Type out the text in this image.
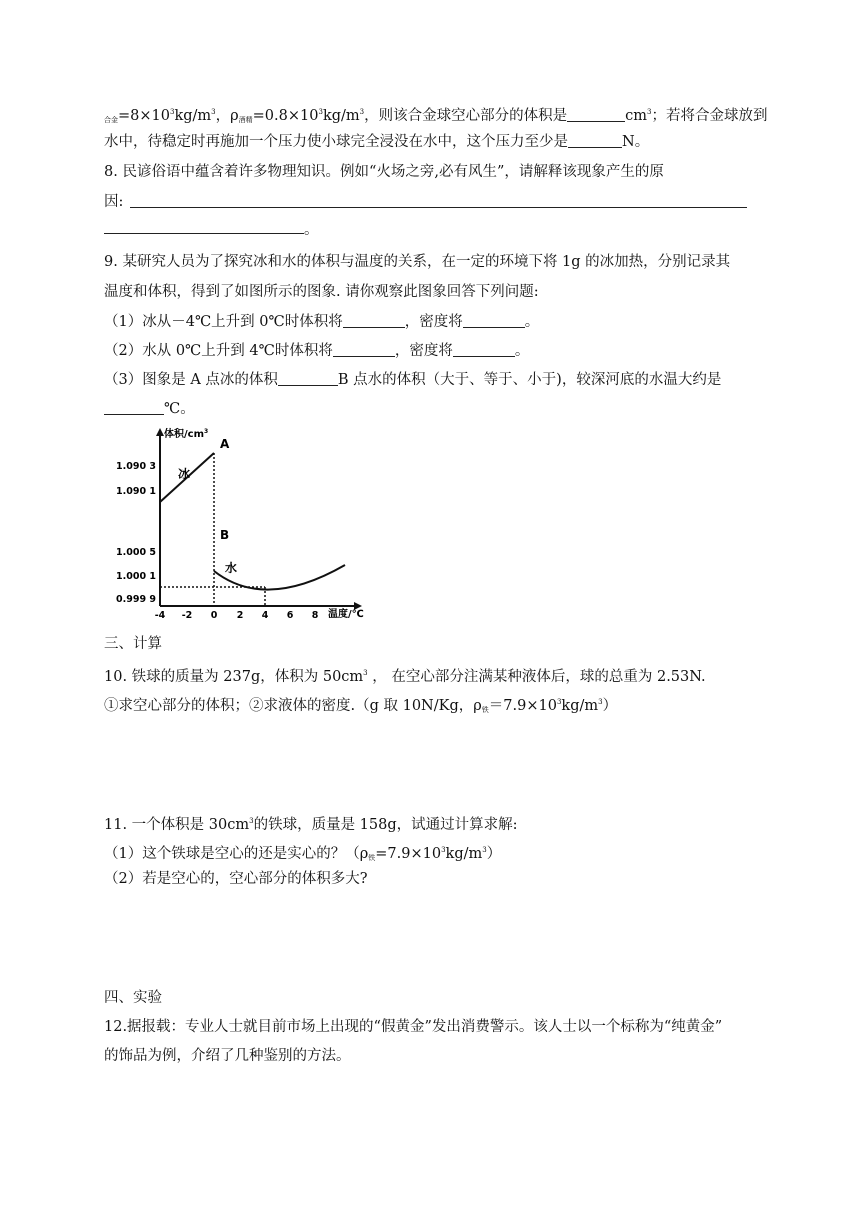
合金$=8\times 10^3kg/m^3$，ρ酒精$=0.8\times 10^3kg/m^3$，则该合金球空心部分的体积是	$cm^3$；若将合金球放到
水中，待稳定时再施加一个压力使小球完全浸没在水中，这个压力至少是	N。
8. 民谚俗语中蕴含着许多物理知识。例如“火场之旁,必有风生”，请解释该现象产生的原
因:
。
9. 某研究人员为了探究冰和水的体积与温度的关系，在一定的环境下将 1g 的冰加热，分别记录其
温度和体积，得到了如图所示的图象. 请你观察此图象回答下列问题:
（1）冰从－4℃上升到 0℃时体积将	，密度将	。
（2）水从 0℃上升到 4℃时体积将	，密度将	。
（3）图象是 A 点冰的体积	B 点水的体积（大于、等于、小于)，较深河底的水温大约是
℃。
体积$/cm^3$
温度/℃
1.090 3
1.090 1
1.000 5
1.000 1
0.999 9
-4 -2 0 2 4 6 8
冰
水
A
B
三、计算
10. 铁球的质量为 237g，体积为 $50cm^3$ ， 在空心部分注满某种液体后，球的总重为 2.53N.
①求空心部分的体积；②求液体的密度.（g 取 10N/Kg，ρ铁$=7.9\times 10^3kg/m^3$）
11. 一个体积是 $30cm^3$的铁球，质量是 158g，试通过计算求解:
（1）这个铁球是空心的还是实心的？（ρ铁$=7.9\times 10^3kg/m^3$）
（2）若是空心的，空心部分的体积多大?
四、实验
12.据报载：专业人士就目前市场上出现的“假黄金”发出消费警示。该人士以一个标称为“纯黄金”
的饰品为例，介绍了几种鉴别的方法。
